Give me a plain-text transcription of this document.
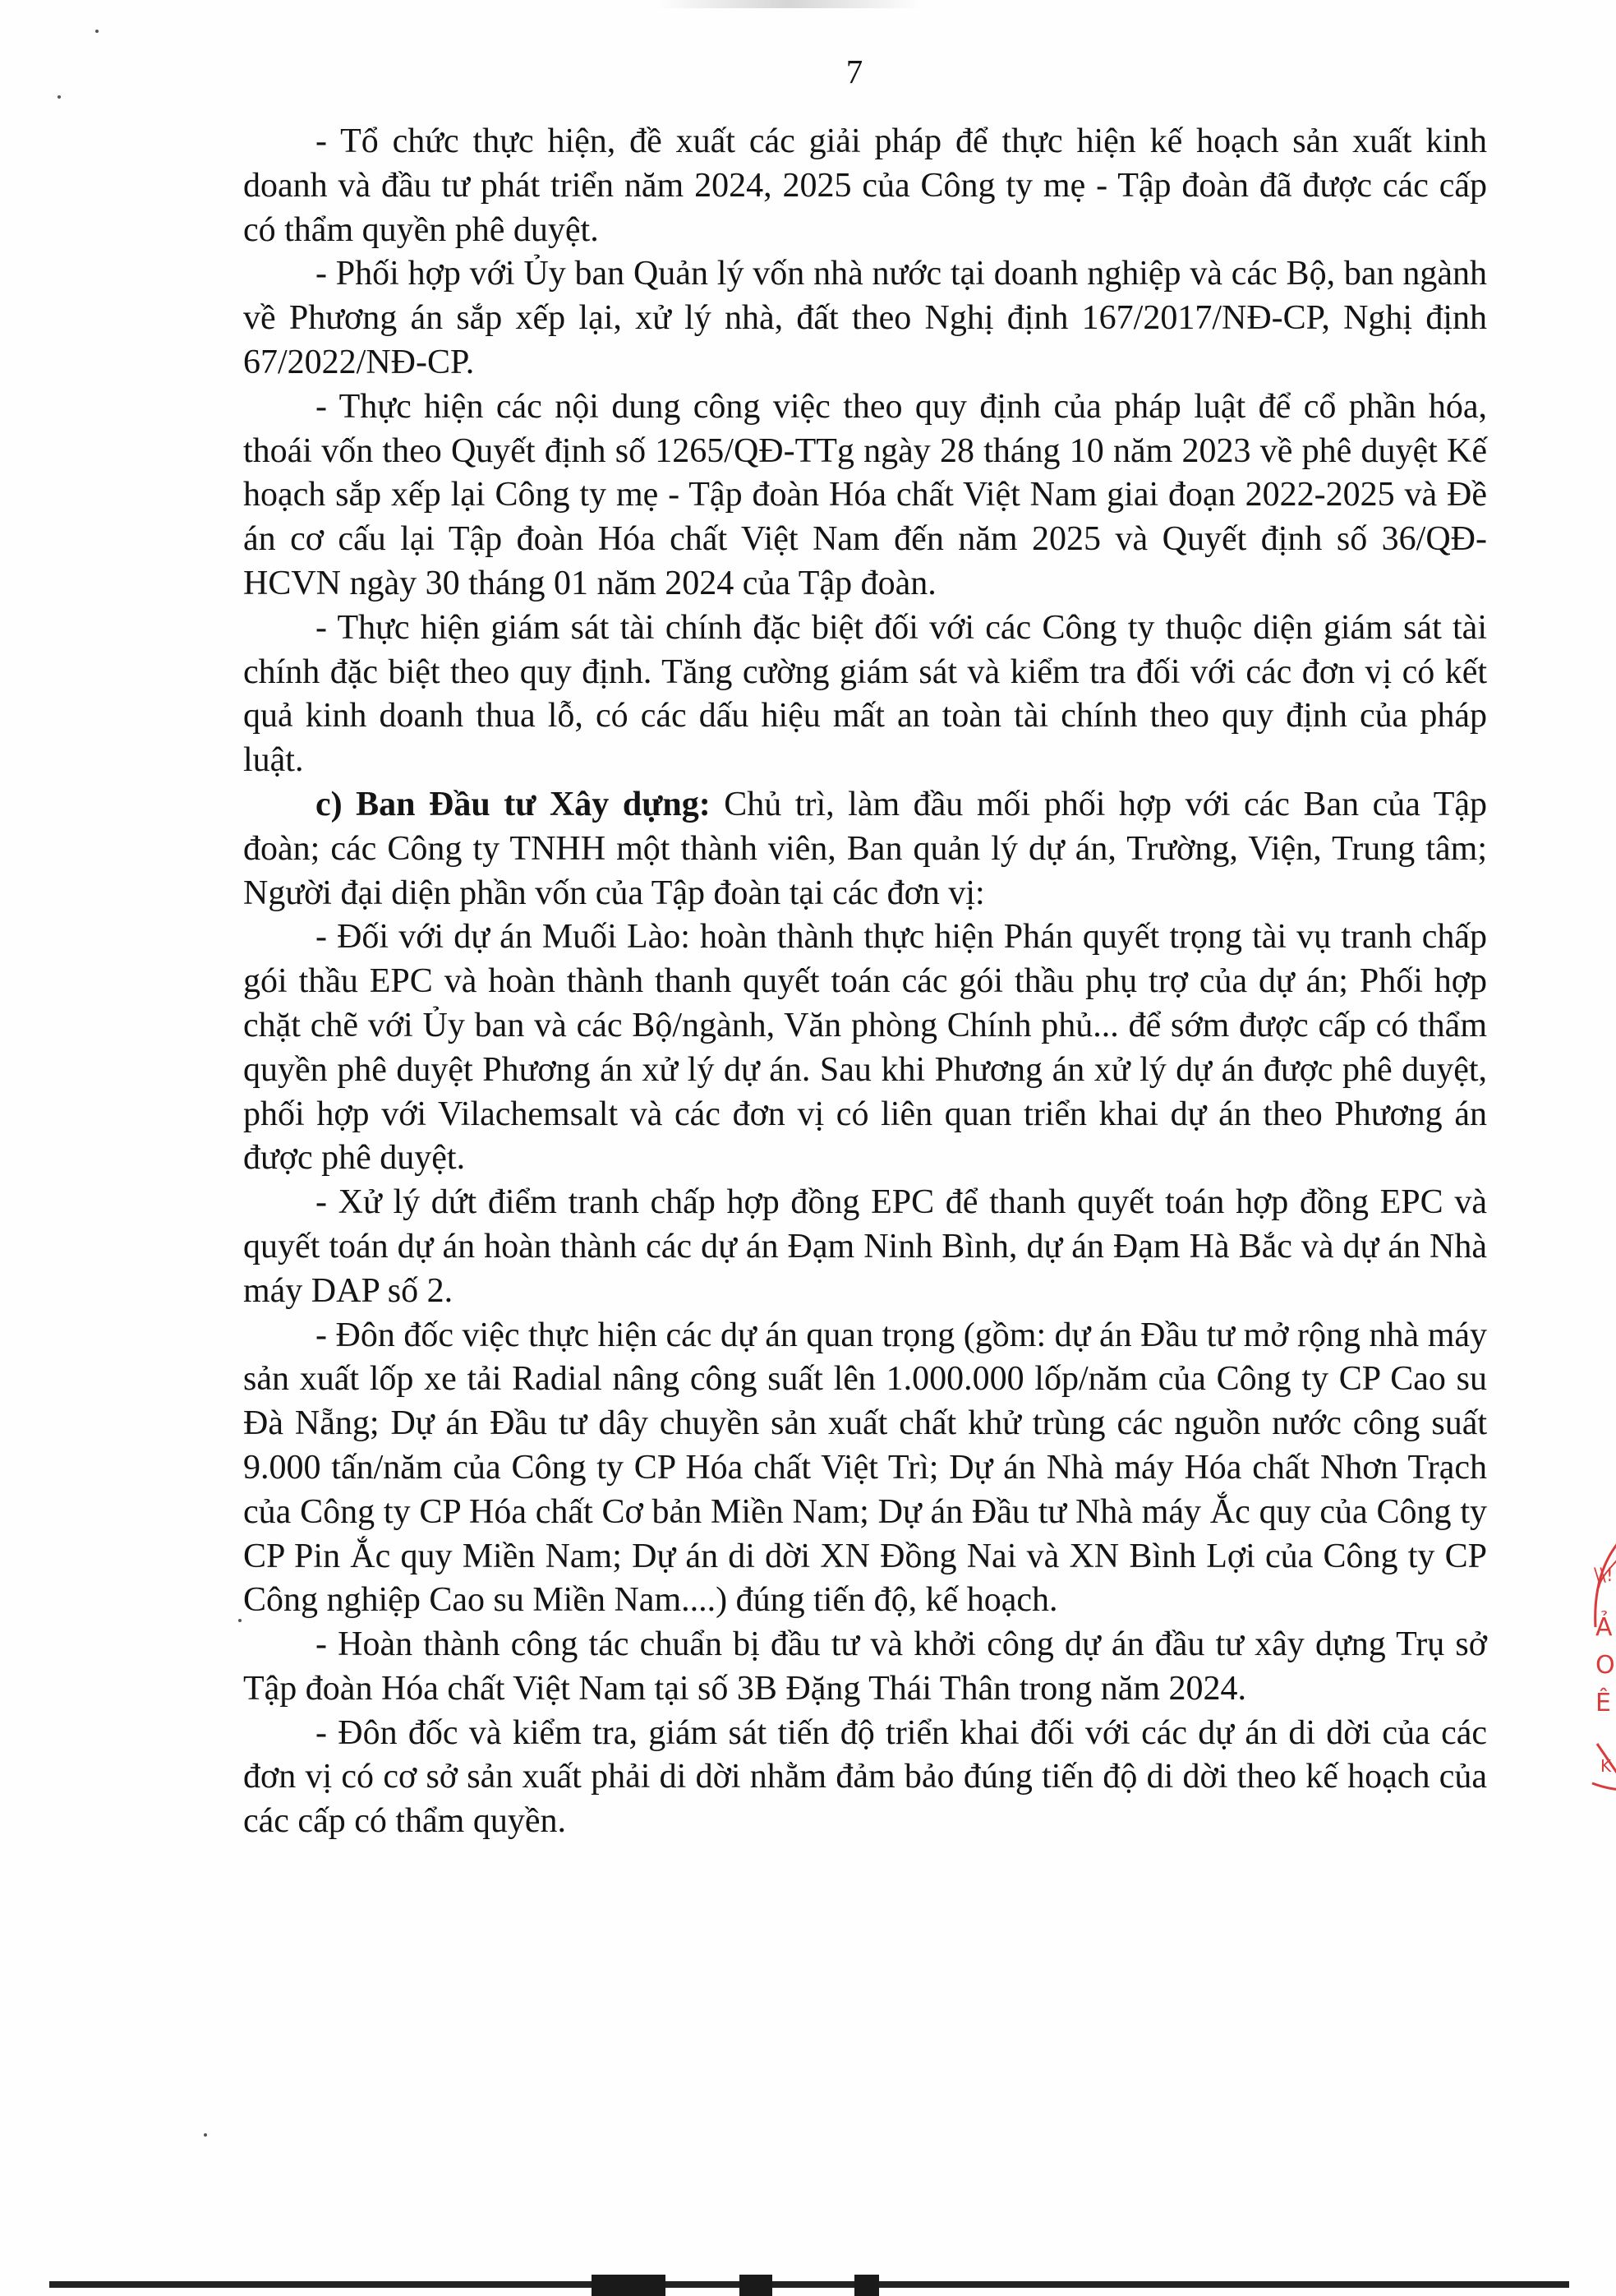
7

- Tổ chức thực hiện, đề xuất các giải pháp để thực hiện kế hoạch sản xuất kinh doanh và đầu tư phát triển năm 2024, 2025 của Công ty mẹ - Tập đoàn đã được các cấp có thẩm quyền phê duyệt.

- Phối hợp với Ủy ban Quản lý vốn nhà nước tại doanh nghiệp và các Bộ, ban ngành về Phương án sắp xếp lại, xử lý nhà, đất theo Nghị định 167/2017/NĐ-CP, Nghị định 67/2022/NĐ-CP.

- Thực hiện các nội dung công việc theo quy định của pháp luật để cổ phần hóa, thoái vốn theo Quyết định số 1265/QĐ-TTg ngày 28 tháng 10 năm 2023 về phê duyệt Kế hoạch sắp xếp lại Công ty mẹ - Tập đoàn Hóa chất Việt Nam giai đoạn 2022-2025 và Đề án cơ cấu lại Tập đoàn Hóa chất Việt Nam đến năm 2025 và Quyết định số 36/QĐ-HCVN ngày 30 tháng 01 năm 2024 của Tập đoàn.

- Thực hiện giám sát tài chính đặc biệt đối với các Công ty thuộc diện giám sát tài chính đặc biệt theo quy định. Tăng cường giám sát và kiểm tra đối với các đơn vị có kết quả kinh doanh thua lỗ, có các dấu hiệu mất an toàn tài chính theo quy định của pháp luật.

c) Ban Đầu tư Xây dựng: Chủ trì, làm đầu mối phối hợp với các Ban của Tập đoàn; các Công ty TNHH một thành viên, Ban quản lý dự án, Trường, Viện, Trung tâm; Người đại diện phần vốn của Tập đoàn tại các đơn vị:

- Đối với dự án Muối Lào: hoàn thành thực hiện Phán quyết trọng tài vụ tranh chấp gói thầu EPC và hoàn thành thanh quyết toán các gói thầu phụ trợ của dự án; Phối hợp chặt chẽ với Ủy ban và các Bộ/ngành, Văn phòng Chính phủ... để sớm được cấp có thẩm quyền phê duyệt Phương án xử lý dự án. Sau khi Phương án xử lý dự án được phê duyệt, phối hợp với Vilachemsalt và các đơn vị có liên quan triển khai dự án theo Phương án được phê duyệt.

- Xử lý dứt điểm tranh chấp hợp đồng EPC để thanh quyết toán hợp đồng EPC và quyết toán dự án hoàn thành các dự án Đạm Ninh Bình, dự án Đạm Hà Bắc và dự án Nhà máy DAP số 2.

- Đôn đốc việc thực hiện các dự án quan trọng (gồm: dự án Đầu tư mở rộng nhà máy sản xuất lốp xe tải Radial nâng công suất lên 1.000.000 lốp/năm của Công ty CP Cao su Đà Nẵng; Dự án Đầu tư dây chuyền sản xuất chất khử trùng các nguồn nước công suất 9.000 tấn/năm của Công ty CP Hóa chất Việt Trì; Dự án Nhà máy Hóa chất Nhơn Trạch của Công ty CP Hóa chất Cơ bản Miền Nam; Dự án Đầu tư Nhà máy Ắc quy của Công ty CP Pin Ắc quy Miền Nam; Dự án di dời XN Đồng Nai và XN Bình Lợi của Công ty CP Công nghiệp Cao su Miền Nam....) đúng tiến độ, kế hoạch.

- Hoàn thành công tác chuẩn bị đầu tư và khởi công dự án đầu tư xây dựng Trụ sở Tập đoàn Hóa chất Việt Nam tại số 3B Đặng Thái Thân trong năm 2024.

- Đôn đốc và kiểm tra, giám sát tiến độ triển khai đối với các dự án di dời của các đơn vị có cơ sở sản xuất phải di dời nhằm đảm bảo đúng tiến độ di dời theo kế hoạch của các cấp có thẩm quyền.

\\!
Ả
O
Ê
K
